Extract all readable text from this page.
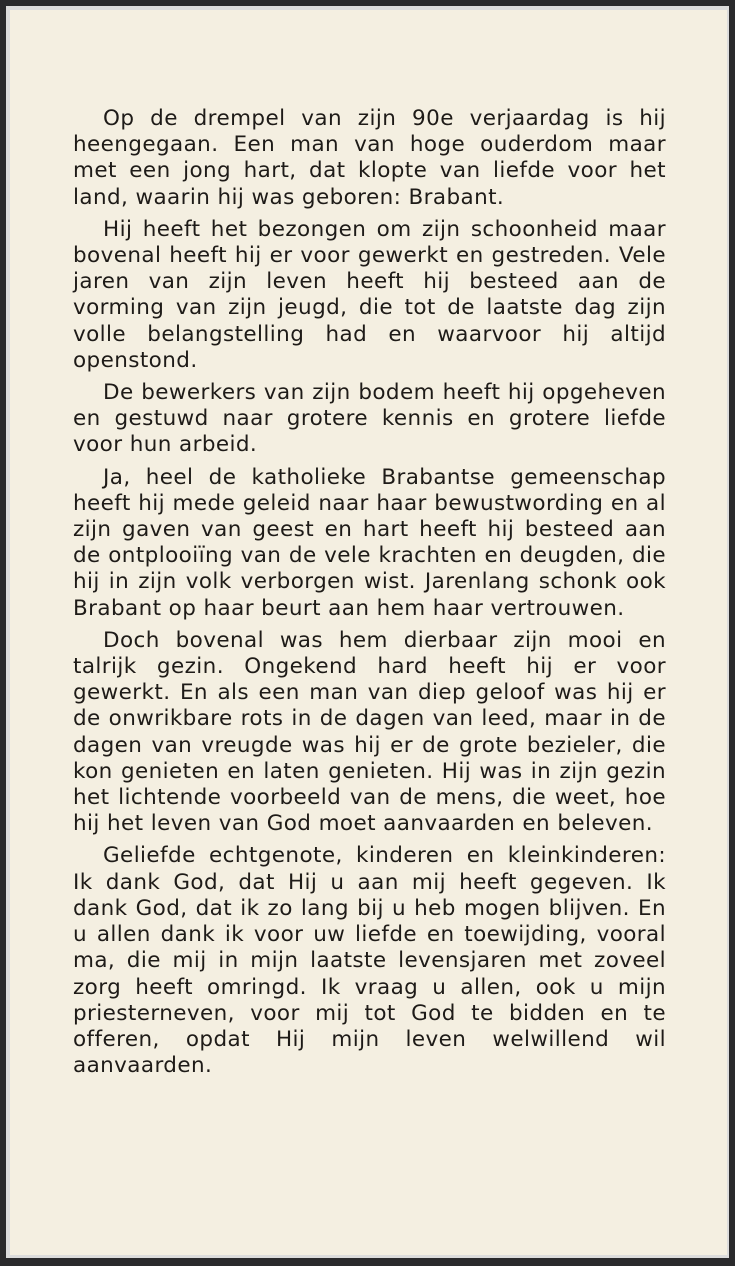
Op de drempel van zijn 90e verjaardag is hij heengegaan. Een man van hoge ouderdom maar met een jong hart, dat klopte van liefde voor het land, waarin hij was geboren: Brabant.

Hij heeft het bezongen om zijn schoonheid maar bovenal heeft hij er voor gewerkt en gestreden. Vele jaren van zijn leven heeft hij besteed aan de vorming van zijn jeugd, die tot de laatste dag zijn volle belangstelling had en waarvoor hij altijd openstond.

De bewerkers van zijn bodem heeft hij opgeheven en gestuwd naar grotere kennis en grotere liefde voor hun arbeid.

Ja, heel de katholieke Brabantse gemeenschap heeft hij mede geleid naar haar bewustwording en al zijn gaven van geest en hart heeft hij besteed aan de ontplooiïng van de vele krachten en deugden, die hij in zijn volk verborgen wist. Jarenlang schonk ook Brabant op haar beurt aan hem haar vertrouwen.

Doch bovenal was hem dierbaar zijn mooi en talrijk gezin. Ongekend hard heeft hij er voor gewerkt. En als een man van diep geloof was hij er de onwrikbare rots in de dagen van leed, maar in de dagen van vreugde was hij er de grote bezieler, die kon genieten en laten genieten. Hij was in zijn gezin het lichtende voorbeeld van de mens, die weet, hoe hij het leven van God moet aanvaarden en beleven.

Geliefde echtgenote, kinderen en kleinkinderen: Ik dank God, dat Hij u aan mij heeft gegeven. Ik dank God, dat ik zo lang bij u heb mogen blijven. En u allen dank ik voor uw liefde en toewijding, vooral ma, die mij in mijn laatste levensjaren met zoveel zorg heeft omringd. Ik vraag u allen, ook u mijn priesterneven, voor mij tot God te bidden en te offeren, opdat Hij mijn leven welwillend wil aanvaarden.
